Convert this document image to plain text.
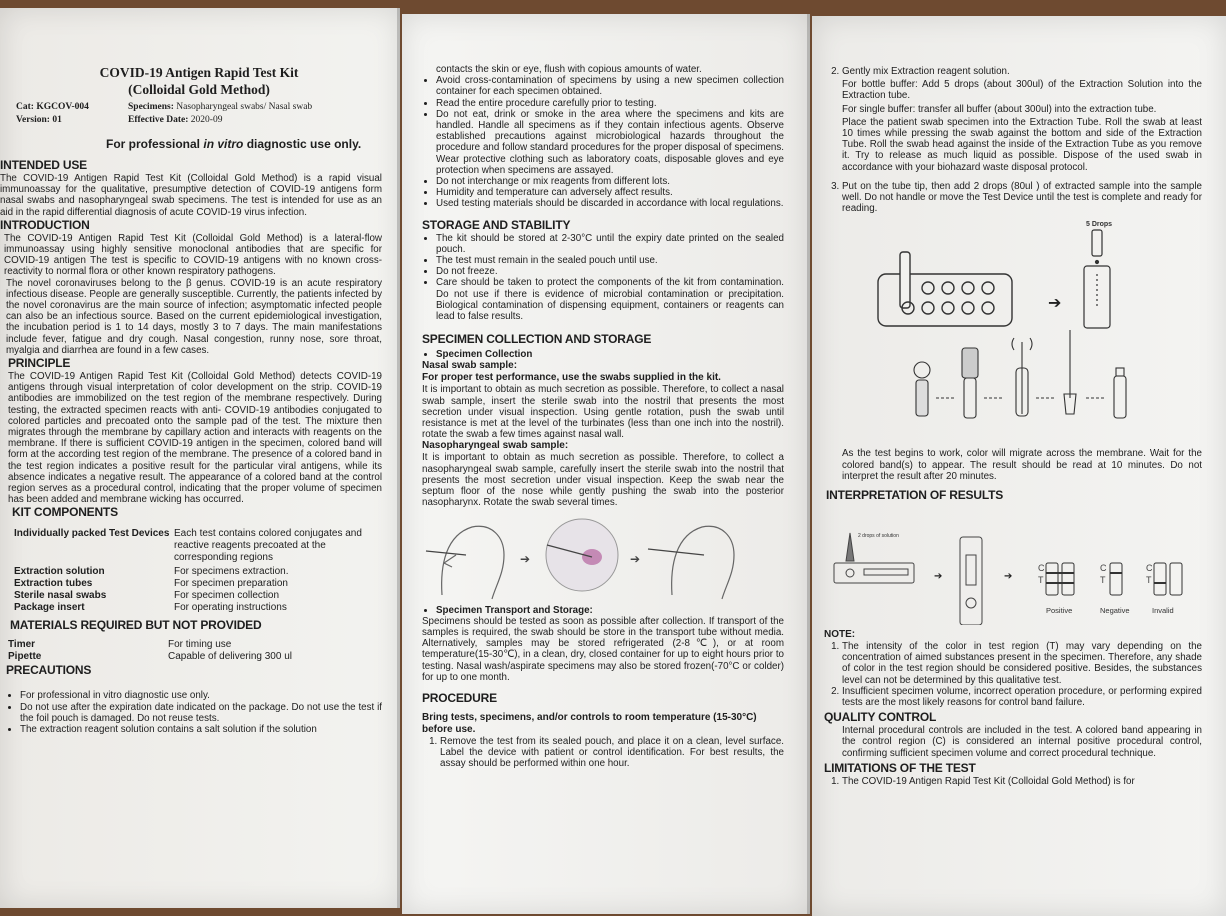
COVID-19 Antigen Rapid Test Kit
(Colloidal Gold Method)
Cat: KGCOV-004	Specimens: Nasopharyngeal swabs/ Nasal swab
Version: 01	Effective Date: 2020-09
For professional in vitro diagnostic use only.

INTENDED USE

The COVID-19 Antigen Rapid Test Kit (Colloidal Gold Method) is a rapid visual immunoassay for the qualitative, presumptive detection of COVID-19 antigens form nasal swabs and nasopharyngeal swab specimens. The test is intended for use as an aid in the rapid differential diagnosis of acute COVID-19 virus infection.

INTRODUCTION

The COVID-19 Antigen Rapid Test Kit (Colloidal Gold Method) is a lateral-flow immunoassay using highly sensitive monoclonal antibodies that are specific for COVID-19 antigen The test is specific to COVID-19 antigens with no known cross-reactivity to normal flora or other known respiratory pathogens.

The novel coronaviruses belong to the β genus. COVID-19 is an acute respiratory infectious disease. People are generally susceptible. Currently, the patients infected by the novel coronavirus are the main source of infection; asymptomatic infected people can also be an infectious source. Based on the current epidemiological investigation, the incubation period is 1 to 14 days, mostly 3 to 7 days. The main manifestations include fever, fatigue and dry cough. Nasal congestion, runny nose, sore throat, myalgia and diarrhea are found in a few cases.

PRINCIPLE

The COVID-19 Antigen Rapid Test Kit (Colloidal Gold Method) detects COVID-19 antigens through visual interpretation of color development on the strip. COVID-19 antibodies are immobilized on the test region of the membrane respectively. During testing, the extracted specimen reacts with anti- COVID-19 antibodies conjugated to colored particles and precoated onto the sample pad of the test. The mixture then migrates through the membrane by capillary action and interacts with reagents on the membrane. If there is sufficient COVID-19 antigen in the specimen, colored band will form at the according test region of the membrane. The presence of a colored band in the test region indicates a positive result for the particular viral antigens, while its absence indicates a negative result. The appearance of a colored band at the control region serves as a procedural control, indicating that the proper volume of specimen has been added and membrane wicking has occurred.

KIT COMPONENTS

Individually packed Test Devices	Each test contains colored conjugates and reactive reagents precoated at the corresponding regions
Extraction solution	For specimens extraction.
Extraction tubes	For specimen preparation
Sterile nasal swabs	For specimen collection
Package insert	For operating instructions

MATERIALS REQUIRED BUT NOT PROVIDED

Timer	For timing use
Pipette	Capable of delivering 300 ul

PRECAUTIONS

• For professional in vitro diagnostic use only.
• Do not use after the expiration date indicated on the package. Do not use the test if the foil pouch is damaged. Do not reuse tests.
• The extraction reagent solution contains a salt solution if the solution
contacts the skin or eye, flush with copious amounts of water.
• Avoid cross-contamination of specimens by using a new specimen collection container for each specimen obtained.
• Read the entire procedure carefully prior to testing.
• Do not eat, drink or smoke in the area where the specimens and kits are handled. Handle all specimens as if they contain infectious agents. Observe established precautions against microbiological hazards throughout the procedure and follow standard procedures for the proper disposal of specimens. Wear protective clothing such as laboratory coats, disposable gloves and eye protection when specimens are assayed.
• Do not interchange or mix reagents from different lots.
• Humidity and temperature can adversely affect results.
• Used testing materials should be discarded in accordance with local regulations.

STORAGE AND STABILITY

• The kit should be stored at 2-30°C until the expiry date printed on the sealed pouch.
• The test must remain in the sealed pouch until use.
• Do not freeze.
• Care should be taken to protect the components of the kit from contamination. Do not use if there is evidence of microbial contamination or precipitation. Biological contamination of dispensing equipment, containers or reagents can lead to false results.

SPECIMEN COLLECTION AND STORAGE

• Specimen Collection

Nasal swab sample:

For proper test performance, use the swabs supplied in the kit.

It is important to obtain as much secretion as possible. Therefore, to collect a nasal swab sample, insert the sterile swab into the nostril that presents the most secretion under visual inspection. Using gentle rotation, push the swab until resistance is met at the level of the turbinates (less than one inch into the nostril). rotate the swab a few times against nasal wall.

Nasopharyngeal swab sample:

It is important to obtain as much secretion as possible. Therefore, to collect a nasopharyngeal swab sample, carefully insert the sterile swab into the nostril that presents the most secretion under visual inspection. Keep the swab near the septum floor of the nose while gently pushing the swab into the posterior nasopharynx. Rotate the swab several times.

➔	➔
• Specimen Transport and Storage:

Specimens should be tested as soon as possible after collection. If transport of the samples is required, the swab should be store in the transport tube without media. Alternatively, samples may be stored refrigerated (2-8℃), or at room temperature(15-30℃), in a clean, dry, closed container for up to eight hours prior to testing. Nasal wash/aspirate specimens may also be stored frozen(-70°C or colder) for up to one month.

PROCEDURE

Bring tests, specimens, and/or controls to room temperature (15-30°C) before use.

1. Remove the test from its sealed pouch, and place it on a clean, level surface. Label the device with patient or control identification. For best results, the assay should be performed within one hour.
2. Gently mix Extraction reagent solution.
For bottle buffer: Add 5 drops (about 300ul) of the Extraction Solution into the Extraction tube.
For single buffer: transfer all buffer (about 300ul) into the extraction tube.
Place the patient swab specimen into the Extraction Tube. Roll the swab at least 10 times while pressing the swab against the bottom and side of the Extraction Tube. Roll the swab head against the inside of the Extraction Tube as you remove it. Try to release as much liquid as possible. Dispose of the used swab in accordance with your biohazard waste disposal protocol.
3. Put on the tube tip, then add 2 drops (80ul ) of extracted sample into the sample well. Do not handle or move the Test Device until the test is complete and ready for reading.
5 Drops
➔

As the test begins to work, color will migrate across the membrane. Wait for the colored band(s) to appear. The result should be read at 10 minutes. Do not interpret the result after 20 minutes.

INTERPRETATION OF RESULTS

2 drops of solution
➔	➔
C
T
Positive
C
T
Negative
C
T
Invalid

NOTE:

1. The intensity of the color in test region (T) may vary depending on the concentration of aimed substances present in the specimen. Therefore, any shade of color in the test region should be considered positive. Besides, the substances level can not be determined by this qualitative test.
2. Insufficient specimen volume, incorrect operation procedure, or performing expired tests are the most likely reasons for control band failure.

QUALITY CONTROL

Internal procedural controls are included in the test. A colored band appearing in the control region (C) is considered an internal positive procedural control, confirming sufficient specimen volume and correct procedural technique.

LIMITATIONS OF THE TEST

1. The COVID-19 Antigen Rapid Test Kit (Colloidal Gold Method) is for
